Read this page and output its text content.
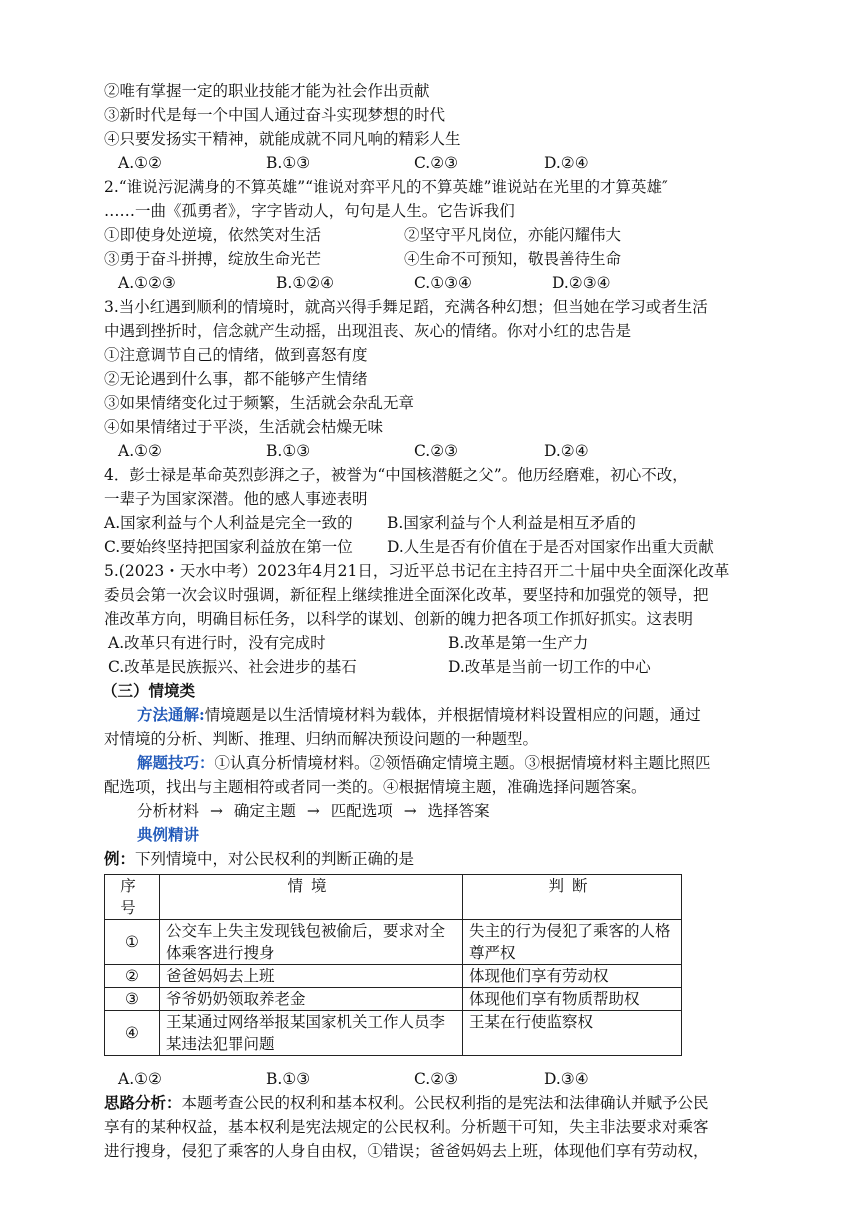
②唯有掌握一定的职业技能才能为社会作出贡献
③新时代是每一个中国人通过奋斗实现梦想的时代
④只要发扬实干精神，就能成就不同凡响的精彩人生
A.①②	B.①③	C.②③	D.②④
2.“谁说污泥满身的不算英雄”“谁说对弈平凡的不算英雄”谁说站在光里的才算英雄″
……一曲《孤勇者》，字字皆动人，句句是人生。它告诉我们
①即使身处逆境，依然笑对生活	②坚守平凡岗位，亦能闪耀伟大
③勇于奋斗拼搏，绽放生命光芒	④生命不可预知，敬畏善待生命
A.①②③	B.①②④	C.①③④	D.②③④
3.当小红遇到顺利的情境时，就高兴得手舞足蹈，充满各种幻想；但当她在学习或者生活
中遇到挫折时，信念就产生动摇，出现沮丧、灰心的情绪。你对小红的忠告是
①注意调节自己的情绪，做到喜怒有度
②无论遇到什么事，都不能够产生情绪
③如果情绪变化过于频繁，生活就会杂乱无章
④如果情绪过于平淡，生活就会枯燥无味
A.①②	B.①③	C.②③	D.②④
4．彭士禄是革命英烈彭湃之子，被誉为“中国核潜艇之父”。他历经磨难，初心不改，
一辈子为国家深潜。他的感人事迹表明
A.国家利益与个人利益是完全一致的 B.国家利益与个人利益是相互矛盾的
C.要始终坚持把国家利益放在第一位 D.人生是否有价值在于是否对国家作出重大贡献
5.(2023・天水中考）2023年4月21日，习近平总书记在主持召开二十届中央全面深化改革
委员会第一次会议时强调，新征程上继续推进全面深化改革，要坚持和加强党的领导，把
准改革方向，明确目标任务，以科学的谋划、创新的魄力把各项工作抓好抓实。这表明
A.改革只有进行时，没有完成时	B.改革是第一生产力
C.改革是民族振兴、社会进步的基石	D.改革是当前一切工作的中心
（三）情境类
方法通解:情境题是以生活情境材料为载体，并根据情境材料设置相应的问题，通过
对情境的分析、判断、推理、归纳而解决预设问题的一种题型。
解题技巧：①认真分析情境材料。②领悟确定情境主题。③根据情境材料主题比照匹
配选项，找出与主题相符或者同一类的。④根据情境主题，准确选择问题答案。
分析材料 → 确定主题 → 匹配选项 → 选择答案
典例精讲
例：下列情境中，对公民权利的判断正确的是
序号	情境	判断
①	公交车上失主发现钱包被偷后，要求对全体乘客进行搜身	失主的行为侵犯了乘客的人格尊严权
②	爸爸妈妈去上班	体现他们享有劳动权
③	爷爷奶奶领取养老金	体现他们享有物质帮助权
④	王某通过网络举报某国家机关工作人员李某违法犯罪问题	王某在行使监察权
A.①②	B.①③	C.②③	D.③④
思路分析：本题考查公民的权利和基本权利。公民权利指的是宪法和法律确认并赋予公民
享有的某种权益，基本权利是宪法规定的公民权利。分析题干可知，失主非法要求对乘客
进行搜身，侵犯了乘客的人身自由权，①错误；爸爸妈妈去上班，体现他们享有劳动权，
